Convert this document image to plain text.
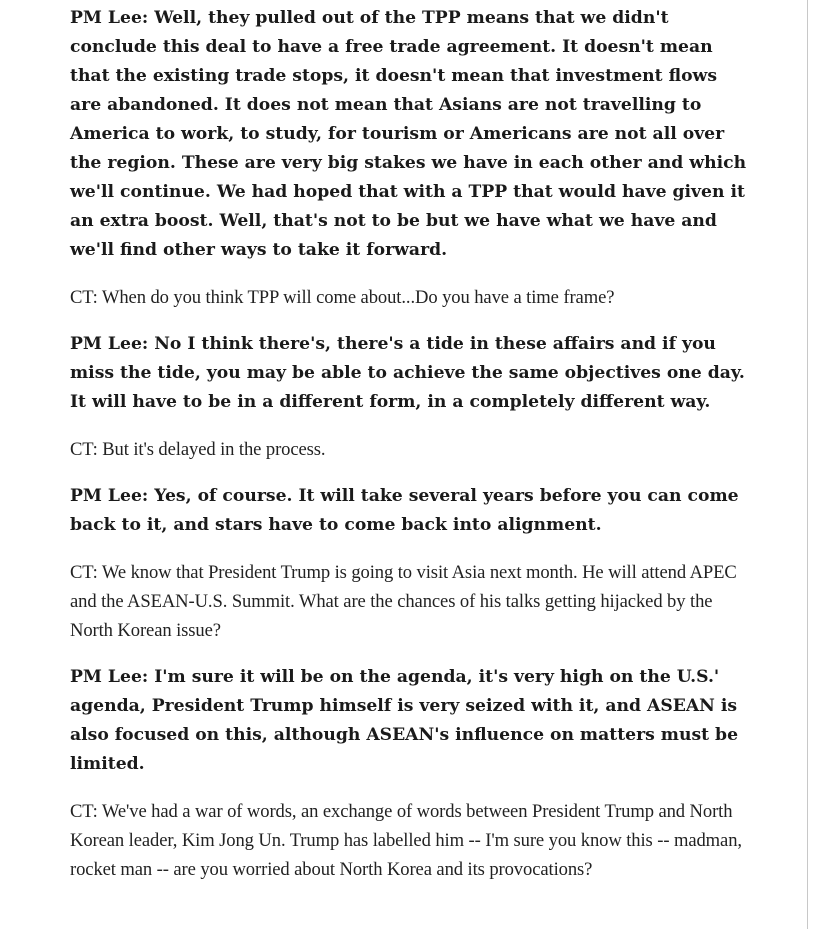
PM Lee: Well, they pulled out of the TPP means that we didn't conclude this deal to have a free trade agreement. It doesn't mean that the existing trade stops, it doesn't mean that investment flows are abandoned. It does not mean that Asians are not travelling to America to work, to study, for tourism or Americans are not all over the region. These are very big stakes we have in each other and which we'll continue. We had hoped that with a TPP that would have given it an extra boost. Well, that's not to be but we have what we have and we'll find other ways to take it forward.

CT: When do you think TPP will come about...Do you have a time frame?

PM Lee: No I think there's, there's a tide in these affairs and if you miss the tide, you may be able to achieve the same objectives one day. It will have to be in a different form, in a completely different way.

CT: But it's delayed in the process.

PM Lee: Yes, of course. It will take several years before you can come back to it, and stars have to come back into alignment.

CT: We know that President Trump is going to visit Asia next month. He will attend APEC and the ASEAN-U.S. Summit. What are the chances of his talks getting hijacked by the North Korean issue?

PM Lee: I'm sure it will be on the agenda, it's very high on the U.S.' agenda, President Trump himself is very seized with it, and ASEAN is also focused on this, although ASEAN's influence on matters must be limited.

CT: We've had a war of words, an exchange of words between President Trump and North Korean leader, Kim Jong Un. Trump has labelled him -- I'm sure you know this -- madman, rocket man -- are you worried about North Korea and its provocations?
